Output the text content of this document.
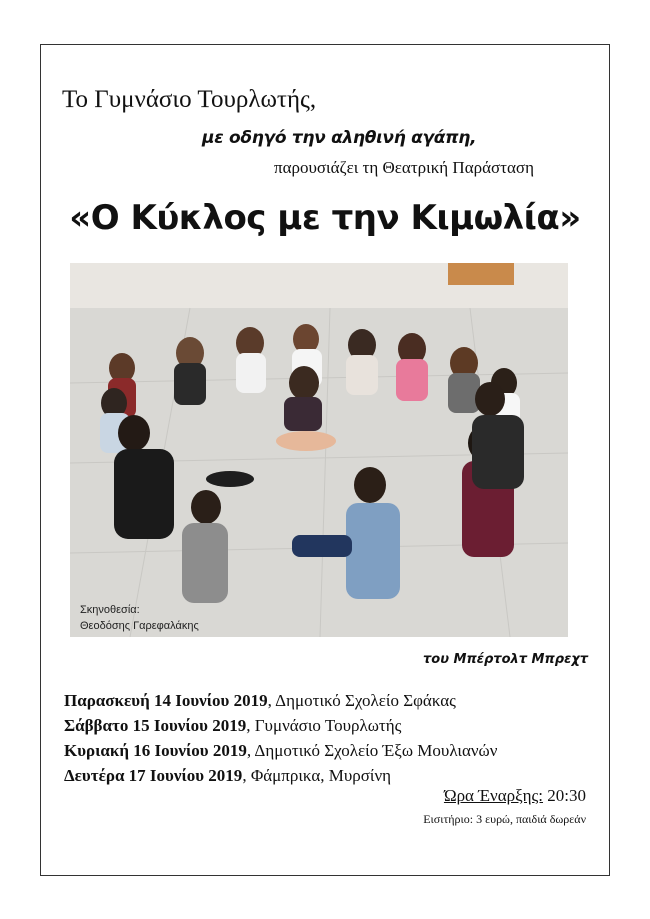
Το Γυμνάσιο Τουρλωτής,
με οδηγό την αληθινή αγάπη,
παρουσιάζει τη Θεατρική Παράσταση
«Ο Κύκλος με την Κιμωλία»
Σκηνοθεσία:
Θεοδόσης Γαρεφαλάκης
του Μπέρτολτ Μπρεχτ
Παρασκευή 14 Ιουνίου 2019, Δημοτικό Σχολείο Σφάκας
Σάββατο 15 Ιουνίου 2019, Γυμνάσιο Τουρλωτής
Κυριακή 16 Ιουνίου 2019, Δημοτικό Σχολείο Έξω Μουλιανών
Δευτέρα 17 Ιουνίου 2019, Φάμπρικα, Μυρσίνη
Ώρα Έναρξης: 20:30
Εισιτήριο: 3 ευρώ, παιδιά δωρεάν
